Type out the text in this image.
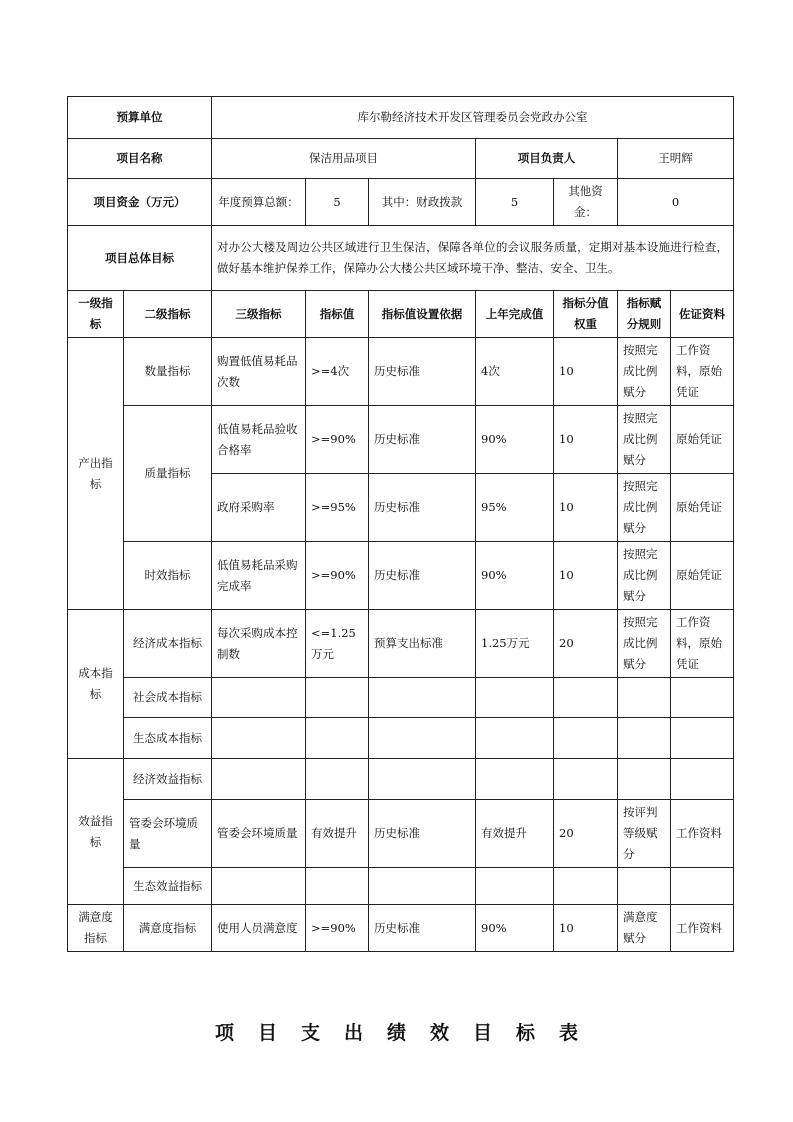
预算单位		库尔勒经济技术开发区管理委员会党政办公室						
项目名称		保洁用品项目			项目负责人		王明辉	
项目资金（万元）		年度预算总额：	5	其中：财政拨款	5	其他资金：	0	
项目总体目标		对办公大楼及周边公共区域进行卫生保洁，保障各单位的会议服务质量，定期对基本设施进行检查，做好基本维护保养工作，保障办公大楼公共区域环境干净、整洁、安全、卫生。						
一级指标	二级指标	三级指标	指标值	指标值设置依据	上年完成值	指标分值权重	指标赋分规则	佐证资料
产出指标	数量指标	购置低值易耗品次数	>=4次	历史标准	4次	10	按照完成比例赋分	工作资料，原始凭证
	质量指标	低值易耗品验收合格率	>=90%	历史标准	90%	10	按照完成比例赋分	原始凭证
		政府采购率	>=95%	历史标准	95%	10	按照完成比例赋分	原始凭证
	时效指标	低值易耗品采购完成率	>=90%	历史标准	90%	10	按照完成比例赋分	原始凭证
成本指标	经济成本指标	每次采购成本控制数	<=1.25万元	预算支出标准	1.25万元	20	按照完成比例赋分	工作资料，原始凭证
	社会成本指标							
	生态成本指标							
效益指标	经济效益指标							
	管委会环境质量	管委会环境质量	有效提升	历史标准	有效提升	20	按评判等级赋分	工作资料
	生态效益指标							
满意度指标	满意度指标	使用人员满意度	>=90%	历史标准	90%	10	满意度赋分	工作资料
项目支出绩效目标表
